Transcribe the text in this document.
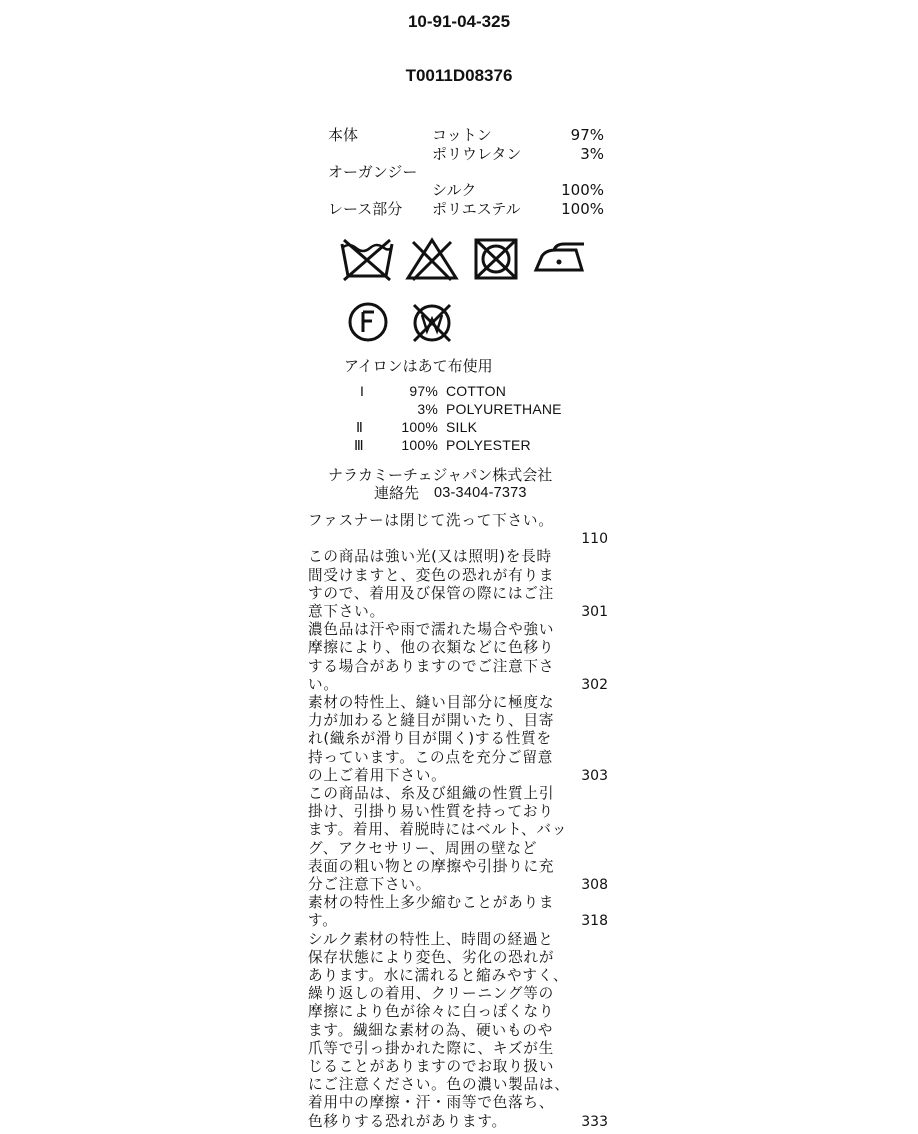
10-91-04-325
T0011D08376
本体	コットン	97%
ポリウレタン	3%
オーガンジー
シルク	100%
レース部分 ポリエステル	100%
アイロンはあて布使用
I	97% COTTON
3% POLYURETHANE
Ⅱ	100% SILK
Ⅲ	100% POLYESTER
ナラカミーチェジャパン株式会社
連絡先 03-3404-7373
ファスナーは閉じて洗って下さい。
110
この商品は強い光(又は照明)を長時
間受けますと、変色の恐れが有りま
すので、着用及び保管の際にはご注
意下さい。	301
濃色品は汗や雨で濡れた場合や強い
摩擦により、他の衣類などに色移り
する場合がありますのでご注意下さ
い。	302
素材の特性上、縫い目部分に極度な
力が加わると縫目が開いたり、目寄
れ(織糸が滑り目が開く)する性質を
持っています。この点を充分ご留意
の上ご着用下さい。	303
この商品は、糸及び組織の性質上引
掛け、引掛り易い性質を持っており
ます。着用、着脱時にはベルト、バッ
グ、アクセサリー、周囲の壁など
表面の粗い物との摩擦や引掛りに充
分ご注意下さい。	308
素材の特性上多少縮むことがありま
す。	318
シルク素材の特性上、時間の経過と
保存状態により変色、劣化の恐れが
あります。水に濡れると縮みやすく、
繰り返しの着用、クリーニング等の
摩擦により色が徐々に白っぽくなり
ます。繊細な素材の為、硬いものや
爪等で引っ掛かれた際に、キズが生
じることがありますのでお取り扱い
にご注意ください。色の濃い製品は、
着用中の摩擦・汗・雨等で色落ち、
色移りする恐れがあります。	333
